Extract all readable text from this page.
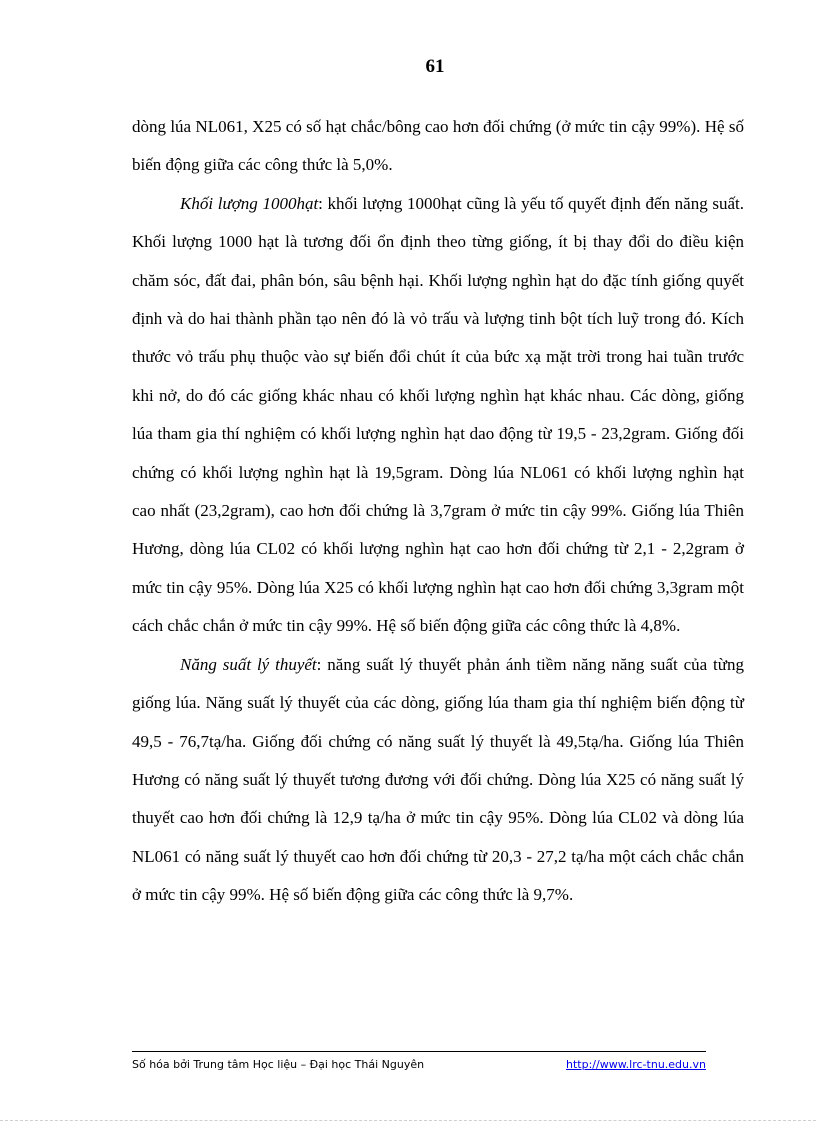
61

dòng lúa NL061, X25 có số hạt chắc/bông cao hơn đối chứng (ở mức tin cậy 99%). Hệ số biến động giữa các công thức là 5,0%.

Khối lượng 1000hạt: khối lượng 1000hạt cũng là yếu tố quyết định đến năng suất. Khối lượng 1000 hạt là tương đối ổn định theo từng giống, ít bị thay đổi do điều kiện chăm sóc, đất đai, phân bón, sâu bệnh hại. Khối lượng nghìn hạt do đặc tính giống quyết định và do hai thành phần tạo nên đó là vỏ trấu và lượng tinh bột tích luỹ trong đó. Kích thước vỏ trấu phụ thuộc vào sự biến đổi chút ít của bức xạ mặt trời trong hai tuần trước khi nở, do đó các giống khác nhau có khối lượng nghìn hạt khác nhau. Các dòng, giống lúa tham gia thí nghiệm có khối lượng nghìn hạt dao động từ 19,5 - 23,2gram. Giống đối chứng có khối lượng nghìn hạt là 19,5gram. Dòng lúa NL061 có khối lượng nghìn hạt cao nhất (23,2gram), cao hơn đối chứng là 3,7gram ở mức tin cậy 99%. Giống lúa Thiên Hương, dòng lúa CL02 có khối lượng nghìn hạt cao hơn đối chứng từ 2,1 - 2,2gram ở mức tin cậy 95%. Dòng lúa X25 có khối lượng nghìn hạt cao hơn đối chứng 3,3gram một cách chắc chắn ở mức tin cậy 99%. Hệ số biến động giữa các công thức là 4,8%.

Năng suất lý thuyết: năng suất lý thuyết phản ánh tiềm năng năng suất của từng giống lúa. Năng suất lý thuyết của các dòng, giống lúa tham gia thí nghiệm biến động từ 49,5 - 76,7tạ/ha. Giống đối chứng có năng suất lý thuyết là 49,5tạ/ha. Giống lúa Thiên Hương có năng suất lý thuyết tương đương với đối chứng. Dòng lúa X25 có năng suất lý thuyết cao hơn đối chứng là 12,9 tạ/ha ở mức tin cậy 95%. Dòng lúa CL02 và dòng lúa NL061 có năng suất lý thuyết cao hơn đối chứng từ 20,3 - 27,2 tạ/ha một cách chắc chắn ở mức tin cậy 99%. Hệ số biến động giữa các công thức là 9,7%.

Số hóa bởi Trung tâm Học liệu – Đại học Thái Nguyên	http://www.lrc-tnu.edu.vn
